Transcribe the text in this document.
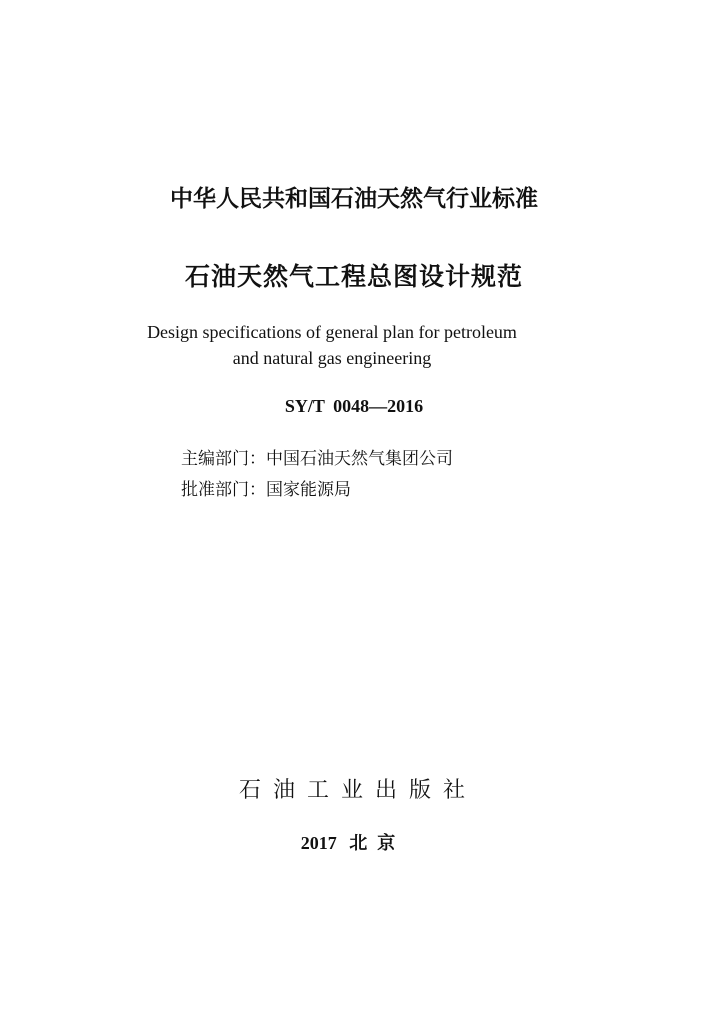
中华人民共和国石油天然气行业标准
石油天然气工程总图设计规范
Design specifications of general plan for petroleum
and natural gas engineering
SY/T 0048—2016
主编部门：中国石油天然气集团公司
批准部门：国家能源局
石油工业出版社
2017 北京
